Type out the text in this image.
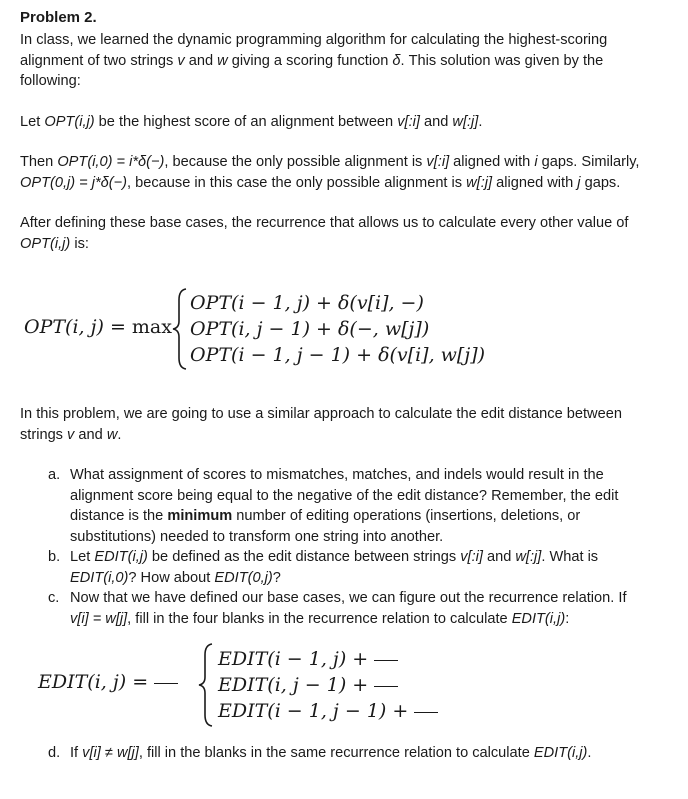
Problem 2.

In class, we learned the dynamic programming algorithm for calculating the highest-scoring

alignment of two strings v and w giving a scoring function δ. This solution was given by the

following:

Let OPT(i,j) be the highest score of an alignment between v[:i] and w[:j].

Then OPT(i,0) = i*δ(−), because the only possible alignment is v[:i] aligned with i gaps. Similarly,

OPT(0,j) = j*δ(−), because in this case the only possible alignment is w[:j] aligned with j gaps.

After defining these base cases, the recurrence that allows us to calculate every other value of

OPT(i,j) is:

OPT(i, j) = max
OPT(i − 1, j) + δ(v[i], −)
OPT(i, j − 1) + δ(−, w[j])
OPT(i − 1, j − 1) + δ(v[i], w[j])

In this problem, we are going to use a similar approach to calculate the edit distance between

strings v and w.

a. What assignment of scores to mismatches, matches, and indels would result in the
alignment score being equal to the negative of the edit distance? Remember, the edit
distance is the minimum number of editing operations (insertions, deletions, or
substitutions) needed to transform one string into another.
b. Let EDIT(i,j) be defined as the edit distance between strings v[:i] and w[:j]. What is
EDIT(i,0)? How about EDIT(0,j)?
c. Now that we have defined our base cases, we can figure out the recurrence relation. If
v[i] = w[j], fill in the four blanks in the recurrence relation to calculate EDIT(i,j):
EDIT(i, j) =
EDIT(i − 1, j) +
EDIT(i, j − 1) +
EDIT(i − 1, j − 1) +
d. If v[i] ≠ w[j], fill in the blanks in the same recurrence relation to calculate EDIT(i,j).
